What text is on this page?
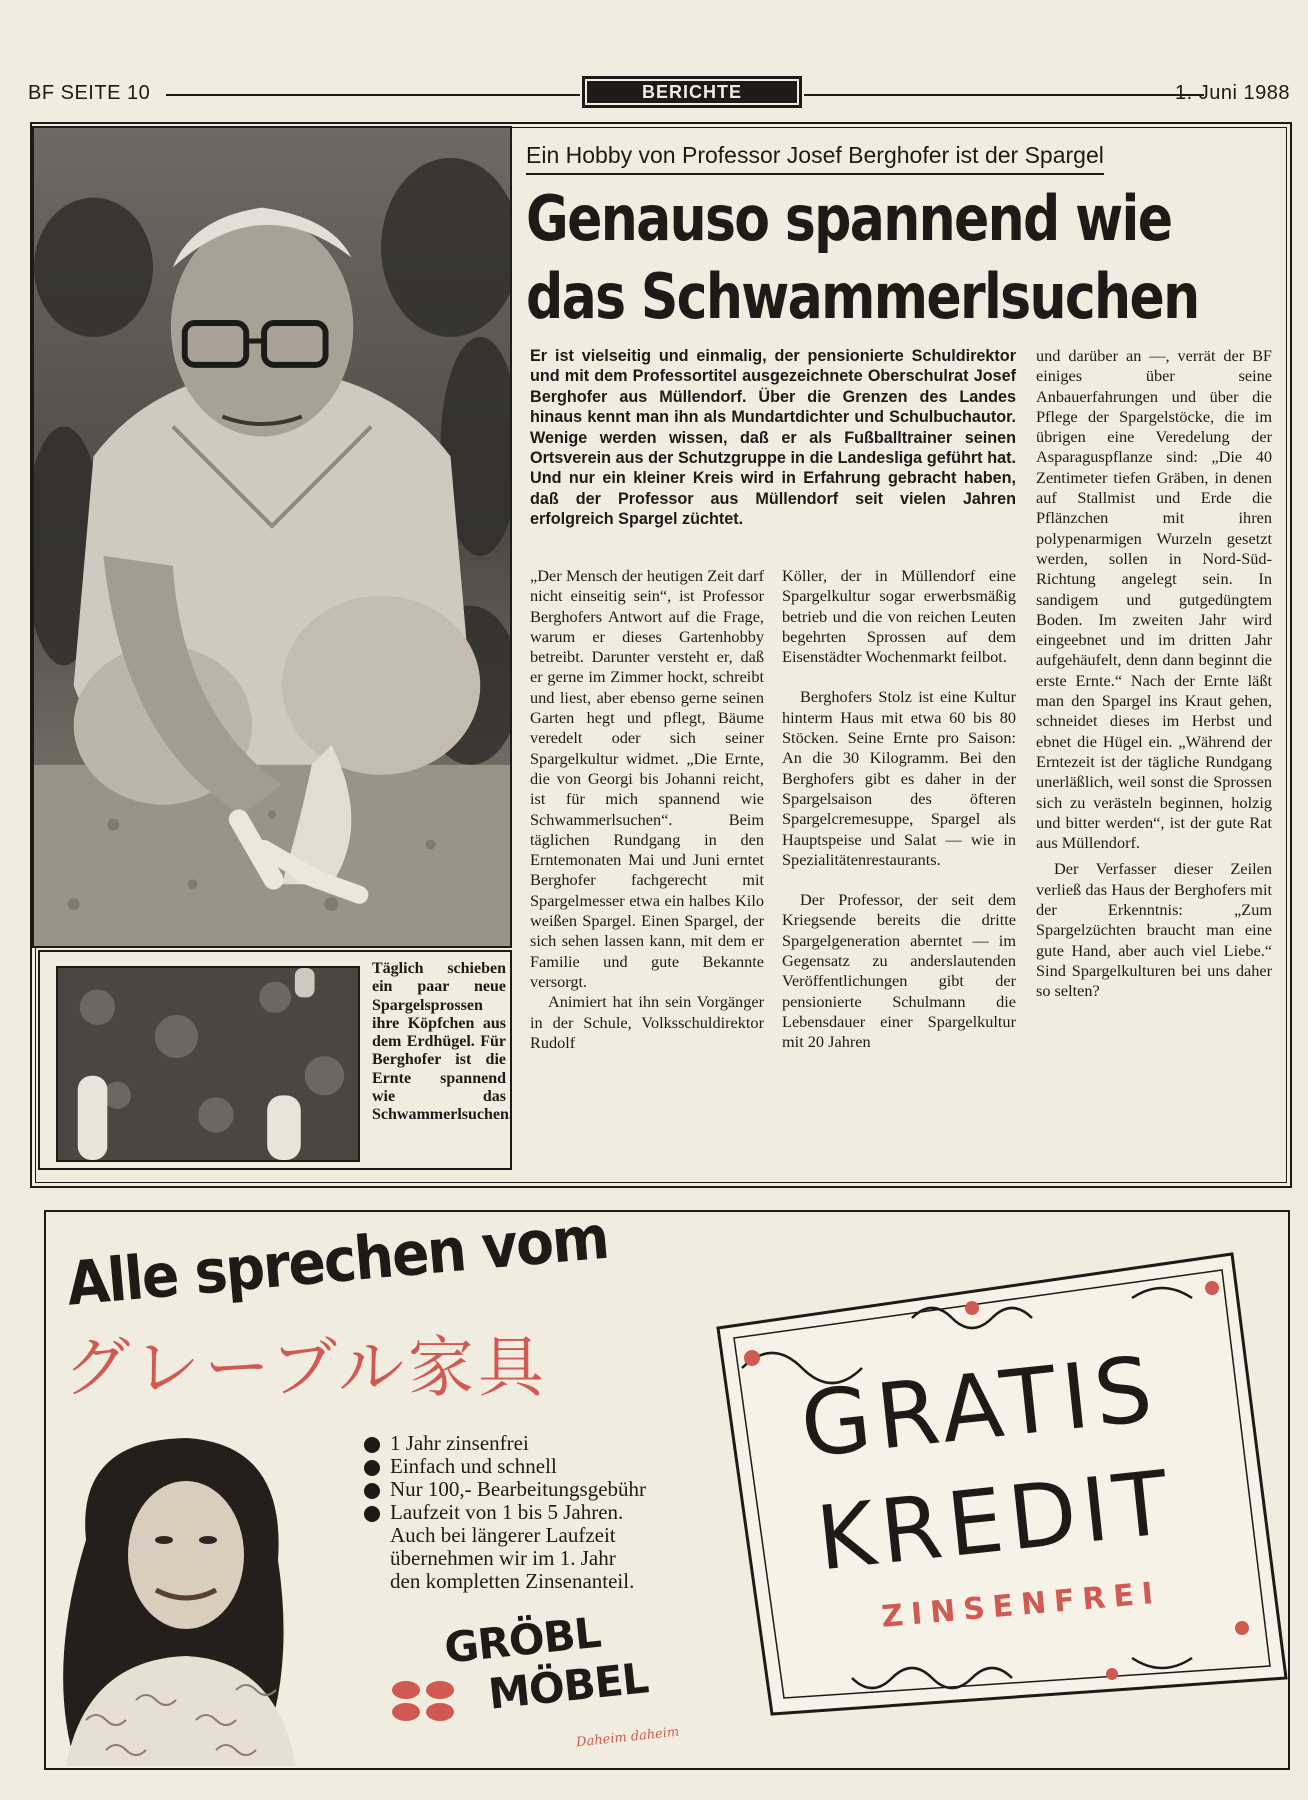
BF SEITE 10	BERICHTE	1. Juni 1988
Täglich schieben ein paar neue Spargelsprossen ihre Köpfchen aus dem Erdhügel. Für Berghofer ist die Ernte spannend wie das Schwammerlsuchen.
Ein Hobby von Professor Josef Berghofer ist der Spargel
Genauso spannend wie
das Schwammerlsuchen
Er ist vielseitig und einmalig, der pensionierte Schuldirektor und mit dem Professortitel ausgezeichnete Oberschulrat Josef Berghofer aus Müllendorf. Über die Grenzen des Landes hinaus kennt man ihn als Mundartdichter und Schulbuchautor. Wenige werden wissen, daß er als Fußballtrainer seinen Ortsverein aus der Schutzgruppe in die Landesliga geführt hat. Und nur ein kleiner Kreis wird in Erfahrung gebracht haben, daß der Professor aus Müllendorf seit vielen Jahren erfolgreich Spargel züchtet.

„Der Mensch der heutigen Zeit darf nicht einseitig sein“, ist Professor Berghofers Antwort auf die Frage, warum er dieses Gartenhobby betreibt. Darunter versteht er, daß er gerne im Zimmer hockt, schreibt und liest, aber ebenso gerne seinen Garten hegt und pflegt, Bäume veredelt oder sich seiner Spargelkultur widmet. „Die Ernte, die von Georgi bis Johanni reicht, ist für mich spannend wie Schwammerlsuchen“. Beim täglichen Rundgang in den Erntemonaten Mai und Juni erntet Berghofer fachgerecht mit Spargelmesser etwa ein halbes Kilo weißen Spargel. Einen Spargel, der sich sehen lassen kann, mit dem er Familie und gute Bekannte versorgt.

Animiert hat ihn sein Vorgänger in der Schule, Volksschuldirektor Rudolf

Köller, der in Müllendorf eine Spargelkultur sogar erwerbsmäßig betrieb und die von reichen Leuten begehrten Sprossen auf dem Eisenstädter Wochenmarkt feilbot.

Berghofers Stolz ist eine Kultur hinterm Haus mit etwa 60 bis 80 Stöcken. Seine Ernte pro Saison: An die 30 Kilogramm. Bei den Berghofers gibt es daher in der Spargelsaison des öfteren Spargelcremesuppe, Spargel als Hauptspeise und Salat — wie in Spezialitätenrestaurants.

Der Professor, der seit dem Kriegsende bereits die dritte Spargelgeneration aberntet — im Gegensatz zu anderslautenden Veröffentlichungen gibt der pensionierte Schulmann die Lebensdauer einer Spargelkultur mit 20 Jahren

und darüber an —, verrät der BF einiges über seine Anbauerfahrungen und über die Pflege der Spargelstöcke, die im übrigen eine Veredelung der Asparaguspflanze sind: „Die 40 Zentimeter tiefen Gräben, in denen auf Stallmist und Erde die Pflänzchen mit ihren polypenarmigen Wurzeln gesetzt werden, sollen in Nord-Süd-Richtung angelegt sein. In sandigem und gutgedüngtem Boden. Im zweiten Jahr wird eingeebnet und im dritten Jahr aufgehäufelt, denn dann beginnt die erste Ernte.“ Nach der Ernte läßt man den Spargel ins Kraut gehen, schneidet dieses im Herbst und ebnet die Hügel ein. „Während der Erntezeit ist der tägliche Rundgang unerläßlich, weil sonst die Sprossen sich zu verästeln beginnen, holzig und bitter werden“, ist der gute Rat aus Müllendorf.

Der Verfasser dieser Zeilen verließ das Haus der Berghofers mit der Erkenntnis: „Zum Spargelzüchten braucht man eine gute Hand, aber auch viel Liebe.“ Sind Spargelkulturen bei uns daher so selten?

Alle sprechen vom
グレーブル家具
1 Jahr zinsenfrei
Einfach und schnell
Nur 100,- Bearbeitungsgebühr
Laufzeit von 1 bis 5 Jahren.
Auch bei längerer Laufzeit
übernehmen wir im 1. Jahr
den kompletten Zinsenanteil.
GRÖBL
MÖBEL
Daheim daheim
GRATIS
KREDIT
ZINSENFREI
